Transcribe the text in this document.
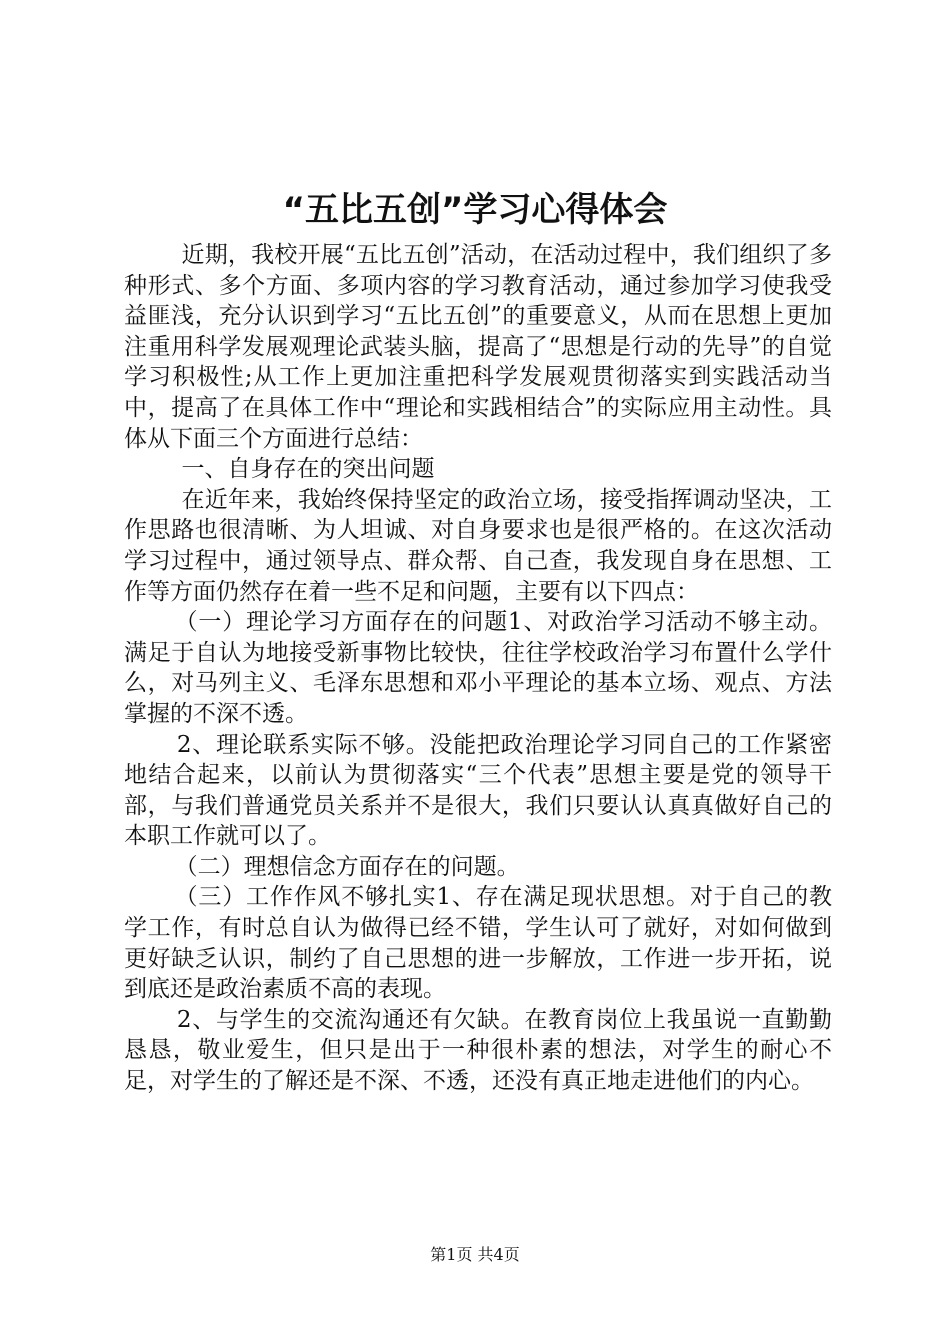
“五比五创”学习心得体会

近期，我校开展“五比五创”活动，在活动过程中，我们组织了多种形式、多个方面、多项内容的学习教育活动，通过参加学习使我受益匪浅，充分认识到学习“五比五创”的重要意义，从而在思想上更加注重用科学发展观理论武装头脑，提高了“思想是行动的先导”的自觉学习积极性;从工作上更加注重把科学发展观贯彻落实到实践活动当中，提高了在具体工作中“理论和实践相结合”的实际应用主动性。具体从下面三个方面进行总结：

一、自身存在的突出问题

在近年来，我始终保持坚定的政治立场，接受指挥调动坚决，工作思路也很清晰、为人坦诚、对自身要求也是很严格的。在这次活动学习过程中，通过领导点、群众帮、自己查，我发现自身在思想、工作等方面仍然存在着一些不足和问题，主要有以下四点：

（一）理论学习方面存在的问题1、对政治学习活动不够主动。满足于自认为地接受新事物比较快，往往学校政治学习布置什么学什么，对马列主义、毛泽东思想和邓小平理论的基本立场、观点、方法掌握的不深不透。

2、理论联系实际不够。没能把政治理论学习同自己的工作紧密地结合起来，以前认为贯彻落实“三个代表”思想主要是党的领导干部，与我们普通党员关系并不是很大，我们只要认认真真做好自己的本职工作就可以了。

（二）理想信念方面存在的问题。

（三）工作作风不够扎实1、存在满足现状思想。对于自己的教学工作，有时总自认为做得已经不错，学生认可了就好，对如何做到更好缺乏认识，制约了自己思想的进一步解放，工作进一步开拓，说到底还是政治素质不高的表现。

2、与学生的交流沟通还有欠缺。在教育岗位上我虽说一直勤勤恳恳，敬业爱生，但只是出于一种很朴素的想法，对学生的耐心不足，对学生的了解还是不深、不透，还没有真正地走进他们的内心。

第1页 共4页
